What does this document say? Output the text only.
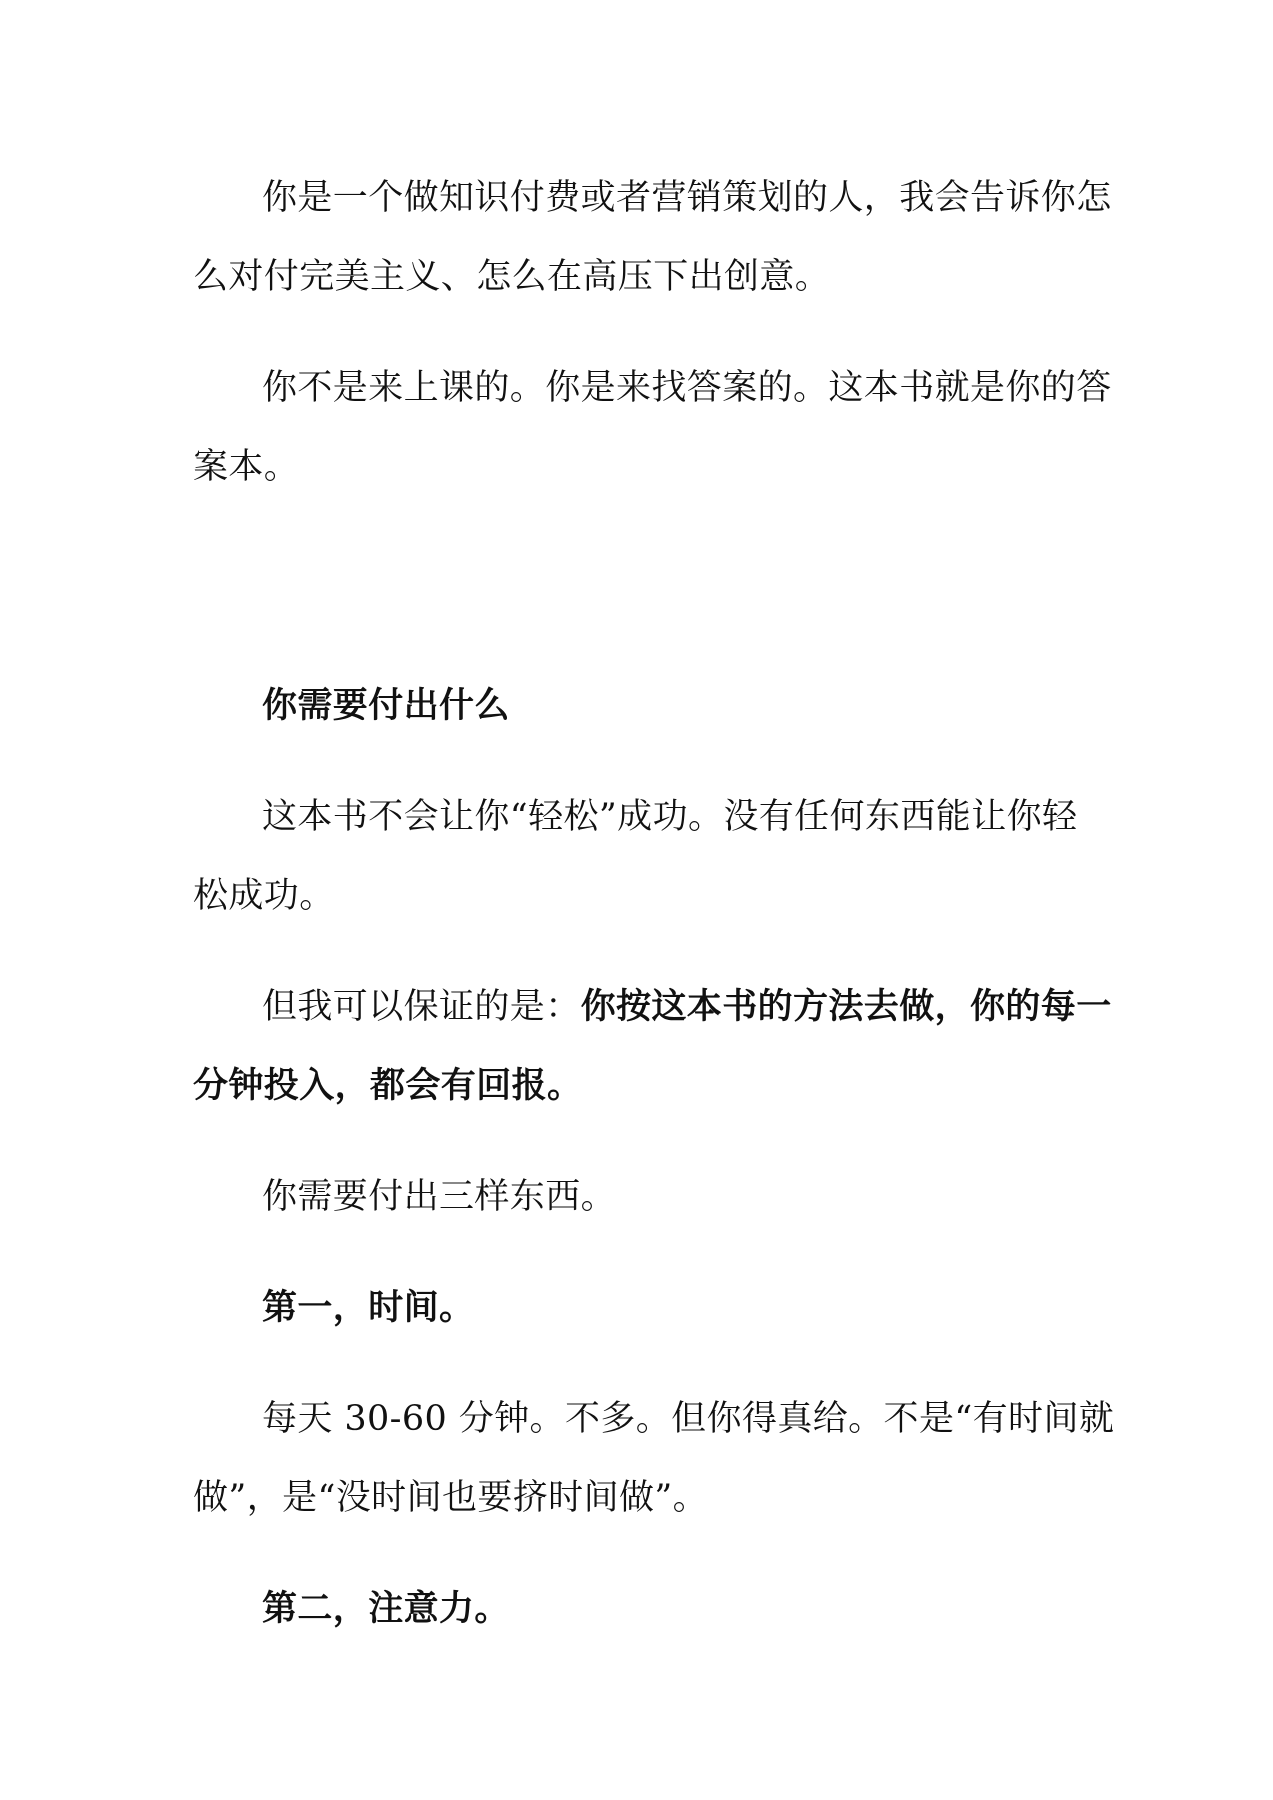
你是一个做知识付费或者营销策划的人，我会告诉你怎
么对付完美主义、怎么在高压下出创意。
你不是来上课的。你是来找答案的。这本书就是你的答
案本。
你需要付出什么
这本书不会让你“轻松”成功。没有任何东西能让你轻
松成功。
但我可以保证的是：你按这本书的方法去做，你的每一
分钟投入，都会有回报。
你需要付出三样东西。
第一，时间。
每天 30-60 分钟。不多。但你得真给。不是“有时间就
做”，是“没时间也要挤时间做”。
第二，注意力。
